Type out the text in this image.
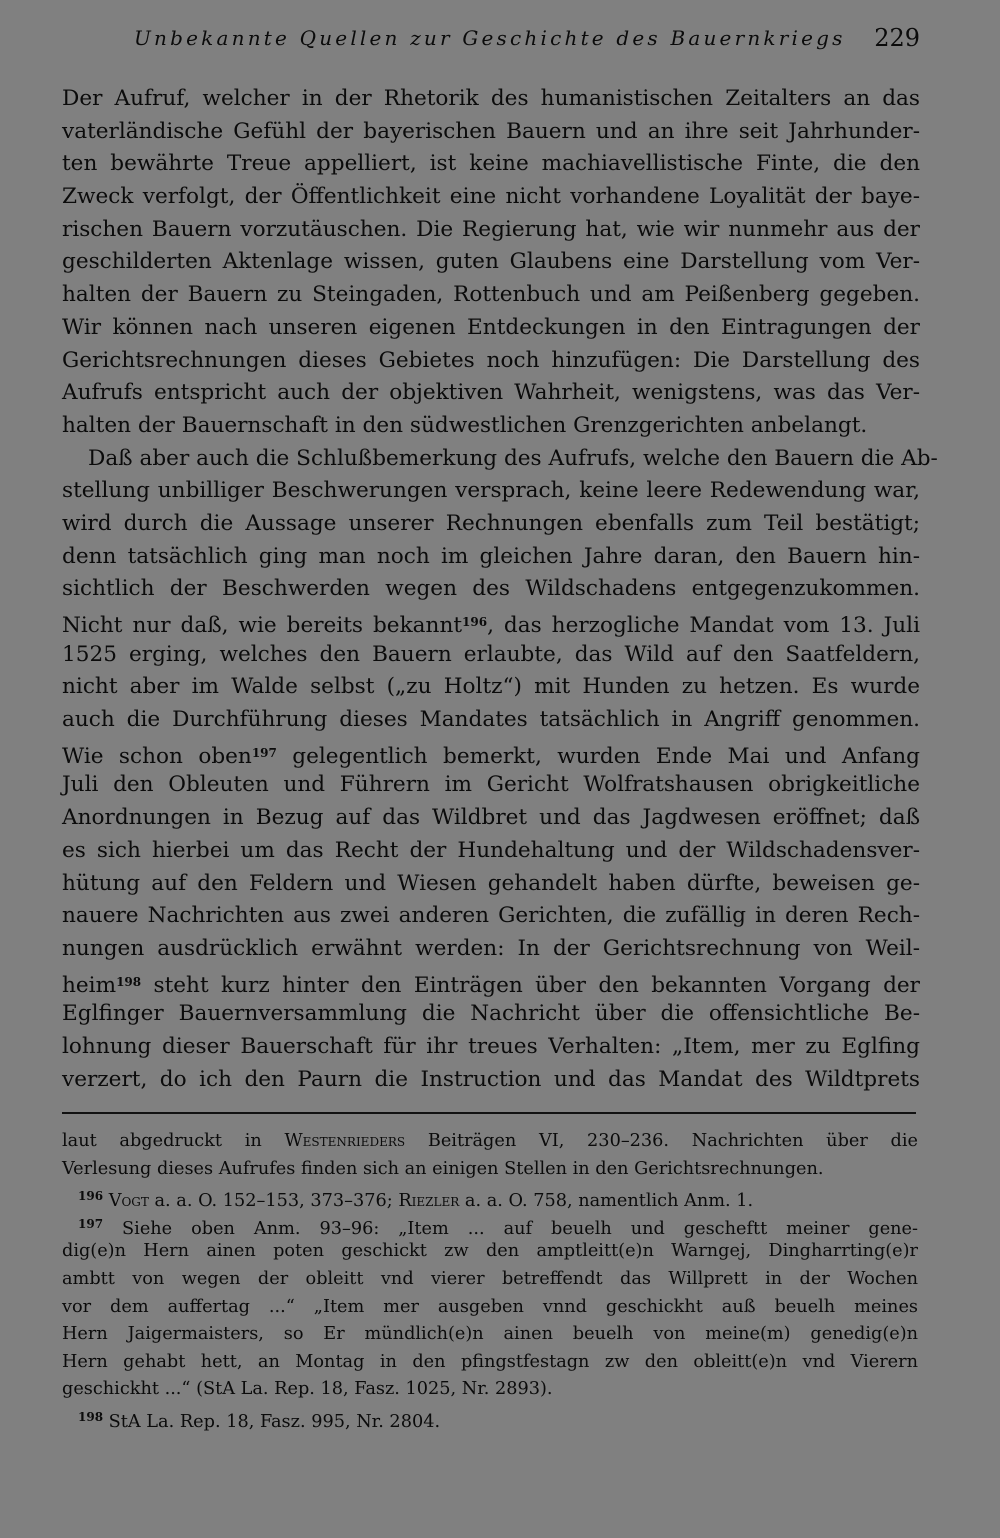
Unbekannte Quellen zur Geschichte des Bauernkriegs 229
Der Aufruf, welcher in der Rhetorik des humanistischen Zeitalters an das
vaterländische Gefühl der bayerischen Bauern und an ihre seit Jahrhunder-
ten bewährte Treue appelliert, ist keine machiavellistische Finte, die den
Zweck verfolgt, der Öffentlichkeit eine nicht vorhandene Loyalität der baye-
rischen Bauern vorzutäuschen. Die Regierung hat, wie wir nunmehr aus der
geschilderten Aktenlage wissen, guten Glaubens eine Darstellung vom Ver-
halten der Bauern zu Steingaden, Rottenbuch und am Peißenberg gegeben.
Wir können nach unseren eigenen Entdeckungen in den Eintragungen der
Gerichtsrechnungen dieses Gebietes noch hinzufügen: Die Darstellung des
Aufrufs entspricht auch der objektiven Wahrheit, wenigstens, was das Ver-
halten der Bauernschaft in den südwestlichen Grenzgerichten anbelangt.
Daß aber auch die Schlußbemerkung des Aufrufs, welche den Bauern die Ab-
stellung unbilliger Beschwerungen versprach, keine leere Redewendung war,
wird durch die Aussage unserer Rechnungen ebenfalls zum Teil bestätigt;
denn tatsächlich ging man noch im gleichen Jahre daran, den Bauern hin-
sichtlich der Beschwerden wegen des Wildschadens entgegenzukommen.
Nicht nur daß, wie bereits bekannt$^{196}$, das herzogliche Mandat vom 13. Juli
1525 erging, welches den Bauern erlaubte, das Wild auf den Saatfeldern,
nicht aber im Walde selbst („zu Holtz“) mit Hunden zu hetzen. Es wurde
auch die Durchführung dieses Mandates tatsächlich in Angriff genommen.
Wie schon oben$^{197}$ gelegentlich bemerkt, wurden Ende Mai und Anfang
Juli den Obleuten und Führern im Gericht Wolfratshausen obrigkeitliche
Anordnungen in Bezug auf das Wildbret und das Jagdwesen eröffnet; daß
es sich hierbei um das Recht der Hundehaltung und der Wildschadensver-
hütung auf den Feldern und Wiesen gehandelt haben dürfte, beweisen ge-
nauere Nachrichten aus zwei anderen Gerichten, die zufällig in deren Rech-
nungen ausdrücklich erwähnt werden: In der Gerichtsrechnung von Weil-
heim$^{198}$ steht kurz hinter den Einträgen über den bekannten Vorgang der
Eglfinger Bauernversammlung die Nachricht über die offensichtliche Be-
lohnung dieser Bauerschaft für ihr treues Verhalten: „Item, mer zu Eglfing
verzert, do ich den Paurn die Instruction und das Mandat des Wildtprets
laut abgedruckt in Westenrieders Beiträgen VI, 230–236. Nachrichten über die
Verlesung dieses Aufrufes finden sich an einigen Stellen in den Gerichtsrechnungen.
$^{196}$ Vogt a. a. O. 152–153, 373–376; Riezler a. a. O. 758, namentlich Anm. 1.
$^{197}$ Siehe oben Anm. 93–96: „Item ... auf beuelh und gescheftt meiner gene-
dig(e)n Hern ainen poten geschickt zw den amptleitt(e)n Warngej, Dingharrting(e)r
ambtt von wegen der obleitt vnd vierer betreffendt das Willprett in der Wochen
vor dem auffertag ...“ „Item mer ausgeben vnnd geschickht auß beuelh meines
Hern Jaigermaisters, so Er mündlich(e)n ainen beuelh von meine(m) genedig(e)n
Hern gehabt hett, an Montag in den pfingstfestagn zw den obleitt(e)n vnd Vierern
geschickht ...“ (StA La. Rep. 18, Fasz. 1025, Nr. 2893).
$^{198}$ StA La. Rep. 18, Fasz. 995, Nr. 2804.
